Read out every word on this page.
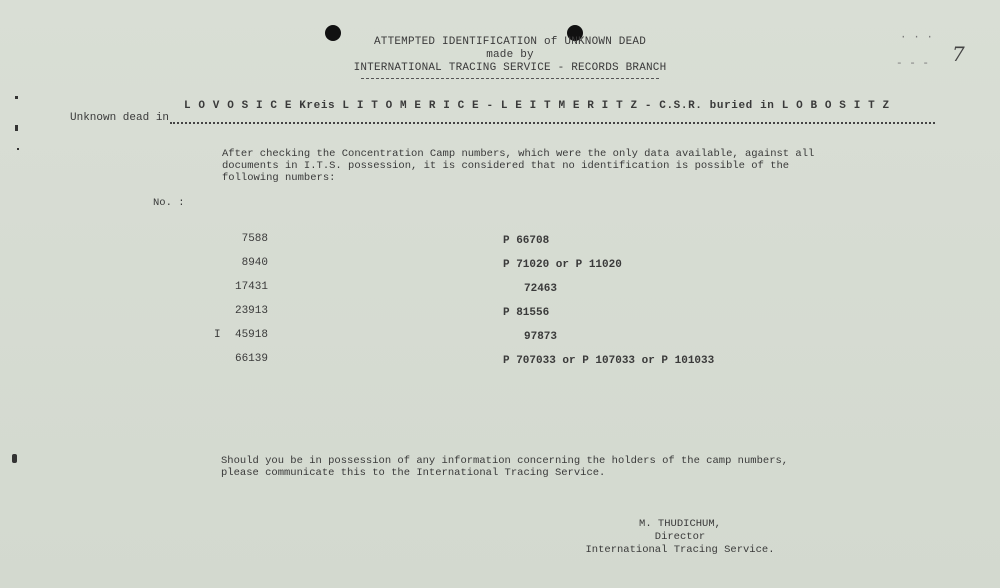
ATTEMPTED IDENTIFICATION of UNKNOWN DEAD
made by
INTERNATIONAL TRACING SERVICE - RECORDS BRANCH
7
· · ·
- - -
Unknown dead in
L O V O S I C E Kreis L I T O M E R I C E - L E I T M E R I T Z - C.S.R. buried in L O B O S I T Z

After checking the Concentration Camp numbers, which were the only data available, against all
documents in I.T.S. possession, it is considered that no identification is possible of the
following numbers:

No. :
7588
8940
17431
23913
I	45918
66139
P 66708
P 71020 or P 11020
72463
P 81556
97873
P 707033 or P 107033 or P 101033

Should you be in possession of any information concerning the holders of the camp numbers,
please communicate this to the International Tracing Service.

M. THUDICHUM,
Director
International Tracing Service.
